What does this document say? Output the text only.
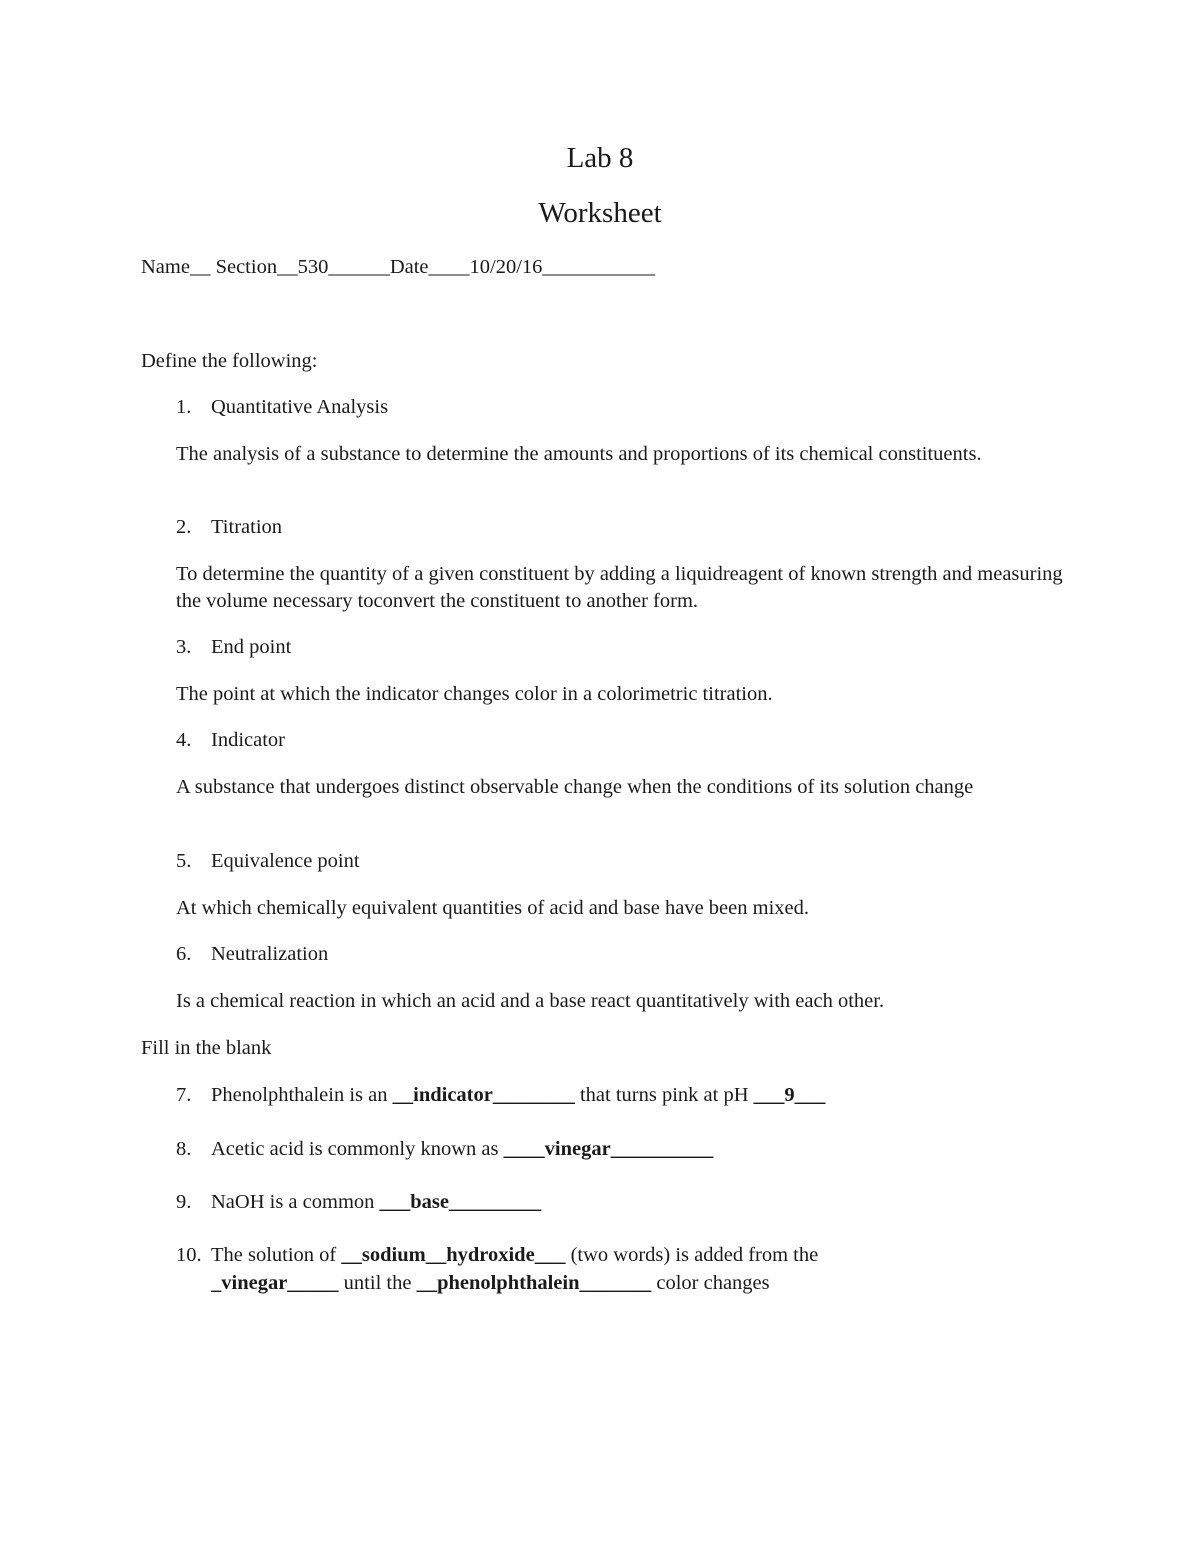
Lab 8
Worksheet
Name__ Section__530______Date____10/20/16___________
Define the following:
1. Quantitative Analysis
The analysis of a substance to determine the amounts and proportions of its chemical constituents.
2. Titration
To determine the quantity of a given constituent by adding a liquidreagent of known strength and measuring the volume necessary toconvert the constituent to another form.
3. End point
The point at which the indicator changes color in a colorimetric titration.
4. Indicator
A substance that undergoes distinct observable change when the conditions of its solution change
5. Equivalence point
At which chemically equivalent quantities of acid and base have been mixed.
6. Neutralization
Is a chemical reaction in which an acid and a base react quantitatively with each other.
Fill in the blank
7. Phenolphthalein is an __indicator________ that turns pink at pH ___9___
8. Acetic acid is commonly known as ____vinegar__________
9. NaOH is a common ___base_________
10. The solution of __sodium__hydroxide___ (two words) is added from the
_vinegar_____ until the __phenolphthalein_______ color changes
